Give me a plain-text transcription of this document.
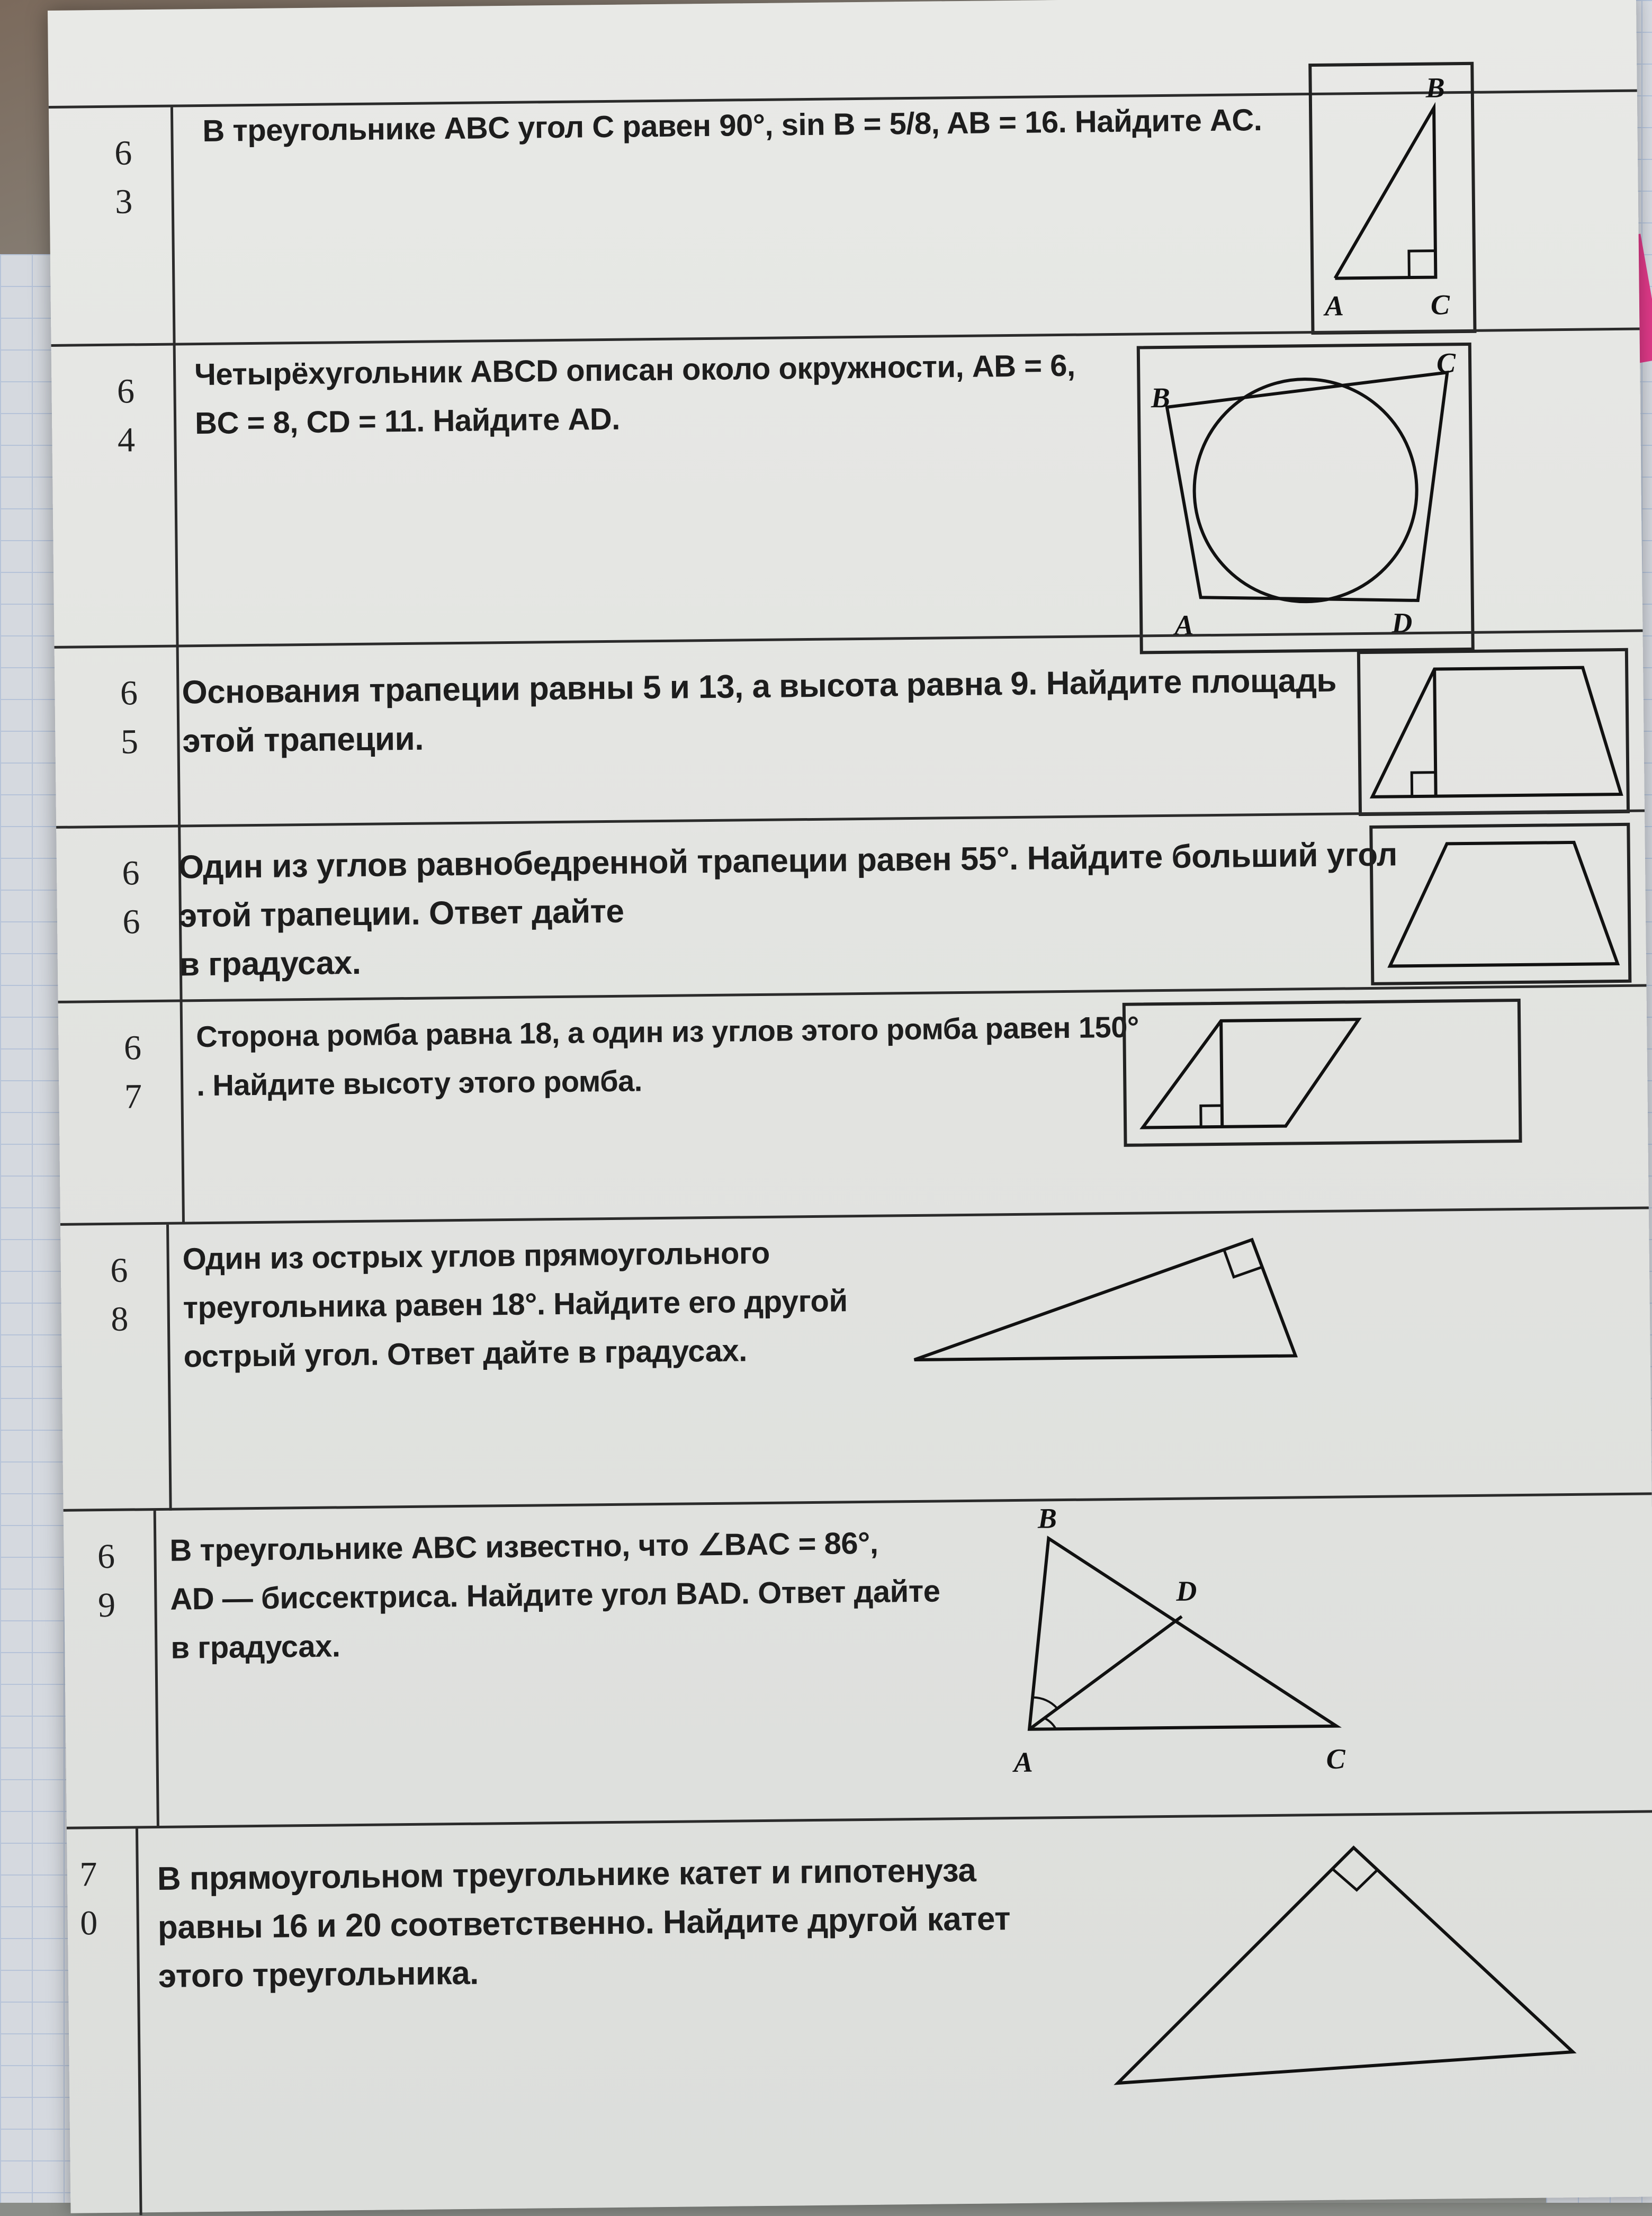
6
3
В треугольнике ABC угол C равен 90°, sin B = 5/8, AB = 16. Найдите AC.
B
A	C
6
4
Четырёхугольник ABCD описан около окружности, AB = 6,
BC = 8, CD = 11. Найдите AD.
C
B
A	D
6
5
Основания трапеции равны 5 и 13, а высота равна 9. Найдите площадь
этой трапеции.
6
6
Один из углов равнобедренной трапеции равен 55°. Найдите больший угол
этой трапеции. Ответ дайте
в градусах.
6
7
Сторона ромба равна 18, а один из углов этого ромба равен 150°
. Найдите высоту этого ромба.
6
8
Один из острых углов прямоугольного
треугольника равен 18°. Найдите его другой
острый угол. Ответ дайте в градусах.
6
9
В треугольнике ABC известно, что ∠BAC = 86°,
AD — биссектриса. Найдите угол BAD. Ответ дайте
в градусах.
B
D
A	C
7
0
В прямоугольном треугольнике катет и гипотенуза
равны 16 и 20 соответственно. Найдите другой катет
этого треугольника.
